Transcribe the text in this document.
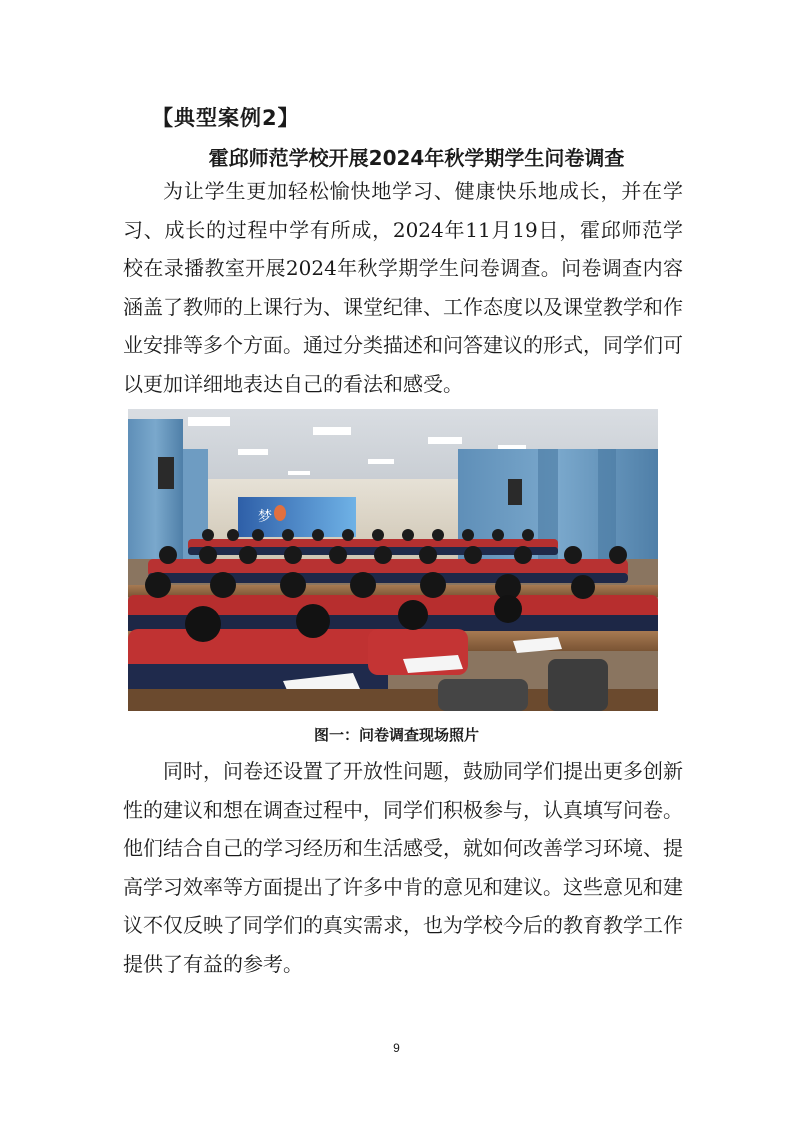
【典型案例2】
霍邱师范学校开展2024年秋学期学生问卷调查
为让学生更加轻松愉快地学习、健康快乐地成长，并在学习、成长的过程中学有所成，2024年11月19日，霍邱师范学校在录播教室开展2024年秋学期学生问卷调查。问卷调查内容涵盖了教师的上课行为、课堂纪律、工作态度以及课堂教学和作业安排等多个方面。通过分类描述和问答建议的形式，同学们可以更加详细地表达自己的看法和感受。
梦
图一：问卷调查现场照片
同时，问卷还设置了开放性问题，鼓励同学们提出更多创新性的建议和想在调查过程中，同学们积极参与，认真填写问卷。他们结合自己的学习经历和生活感受，就如何改善学习环境、提高学习效率等方面提出了许多中肯的意见和建议。这些意见和建议不仅反映了同学们的真实需求，也为学校今后的教育教学工作提供了有益的参考。
9
